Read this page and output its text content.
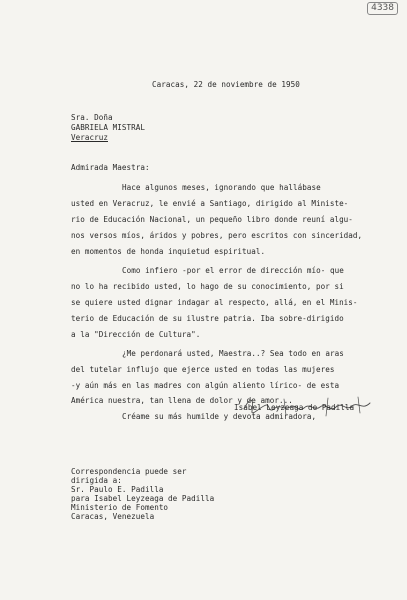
4338
Caracas, 22 de noviembre de 1950
Sra. Doña
GABRIELA MISTRAL
Veracruz
Admirada Maestra:
Hace algunos meses, ignorando que hallábase
usted en Veracruz, le envié a Santiago, dirigido al Ministe-
rio de Educación Nacional, un pequeño libro donde reuní algu-
nos versos míos, áridos y pobres, pero escritos con sinceridad,
en momentos de honda inquietud espiritual.
Como infiero -por el error de dirección mío- que
no lo ha recibido usted, lo hago de su conocimiento, por si
se quiere usted dignar indagar al respecto, allá, en el Minis-
terio de Educación de su ilustre patria. Iba sobre-dirigido
a la "Dirección de Cultura".
¿Me perdonará usted, Maestra..? Sea todo en aras
del tutelar influjo que ejerce usted en todas las mujeres
-y aún más en las madres con algún aliento lírico- de esta
América nuestra, tan llena de dolor y de amor...
Créame su más humilde y devota admiradora,
Isabel Leyzeaga de Padilla
Correspondencia puede ser
dirigida a:
Sr. Paulo E. Padilla
para Isabel Leyzeaga de Padilla
Ministerio de Fomento
Caracas, Venezuela
